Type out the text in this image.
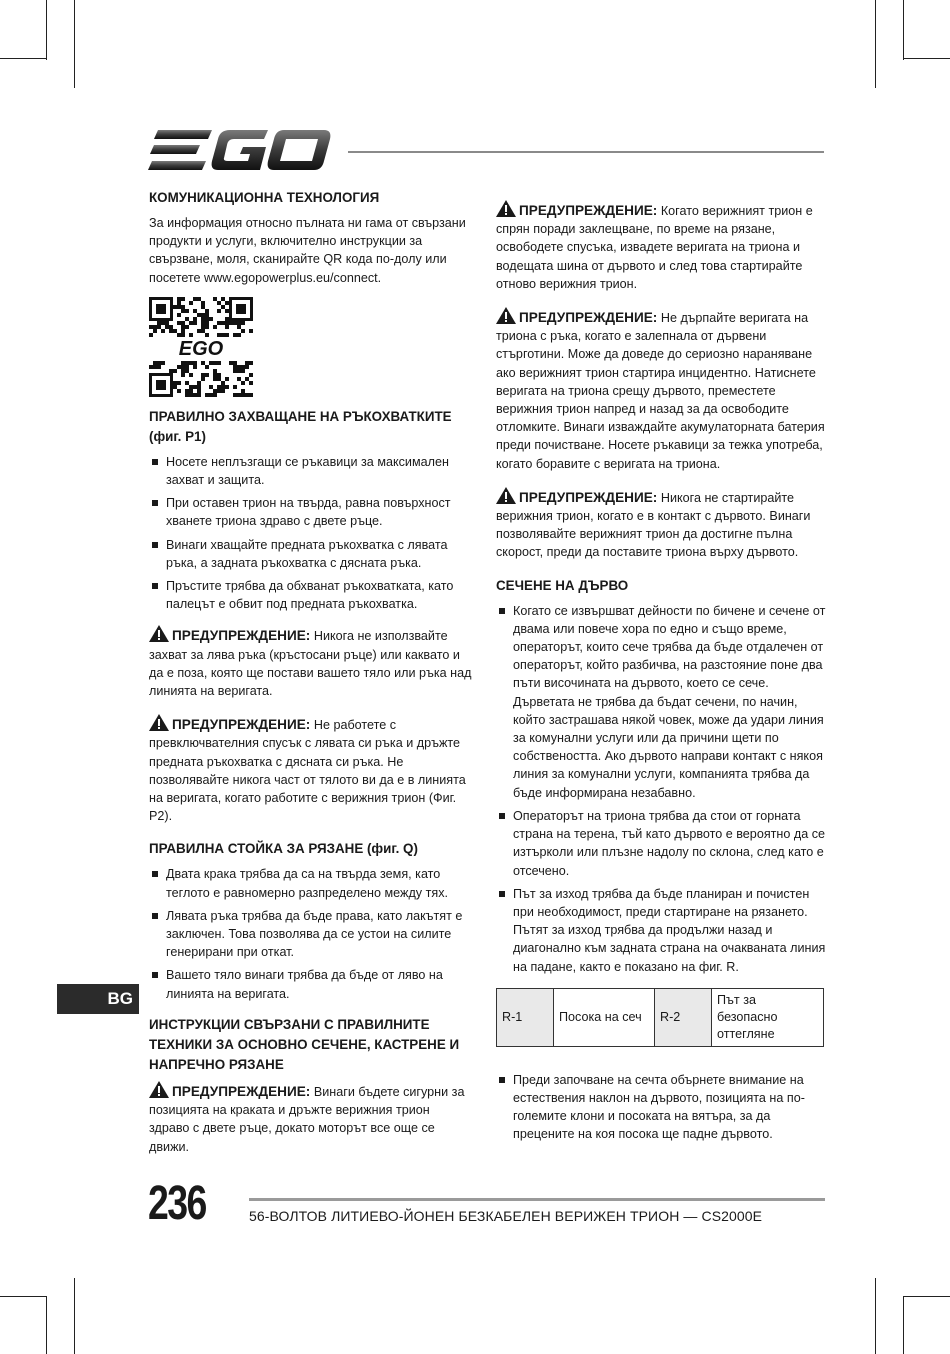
КОМУНИКАЦИОННА ТЕХНОЛОГИЯ
За информация относно пълната ни гама от свързани продукти и услуги, включително инструкции за свързване, моля, сканирайте QR кода по-долу или посетете www.egopowerplus.eu/connect.
EGO
ПРАВИЛНО ЗАХВАЩАНЕ НА РЪКОХВАТКИТЕ (фиг. P1)
Носете неплъзгащи се ръкавици за максимален захват и защита.
При оставен трион на твърда, равна повърхност хванете триона здраво с двете ръце.
Винаги хващайте предната ръкохватка с лявата ръка, а задната ръкохватка с дясната ръка.
Пръстите трябва да обхванат ръкохватката, като палецът е обвит под предната ръкохватка.
ПРЕДУПРЕЖДЕНИЕ: Никога не използвайте захват за лява ръка (кръстосани ръце) или каквато и да е поза, която ще постави вашето тяло или ръка над линията на веригата.
ПРЕДУПРЕЖДЕНИЕ: Не работете с превключвателния спусък с лявата си ръка и дръжте предната ръкохватка с дясната си ръка. Не позволявайте никога част от тялото ви да е в линията на веригата, когато работите с верижния трион (Фиг. P2).
ПРАВИЛНА СТОЙКА ЗА РЯЗАНЕ (фиг. Q)
Двата крака трябва да са на твърда земя, като теглото е равномерно разпределено между тях.
Лявата ръка трябва да бъде права, като лакътят е заключен. Това позволява да се устои на силите генерирани при откат.
Вашето тяло винаги трябва да бъде от ляво на линията на веригата.
ИНСТРУКЦИИ СВЪРЗАНИ С ПРАВИЛНИТЕ ТЕХНИКИ ЗА ОСНОВНО СЕЧЕНЕ, КАСТРЕНЕ И НАПРЕЧНО РЯЗАНЕ
ПРЕДУПРЕЖДЕНИЕ: Винаги бъдете сигурни за позицията на краката и дръжте верижния трион здраво с двете ръце, докато моторът все още се движи.
ПРЕДУПРЕЖДЕНИЕ: Когато верижният трион е спрян поради заклещване, по време на рязане, освободете спусъка, извадете веригата на триона и водещата шина от дървото и след това стартирайте отново верижния трион.
ПРЕДУПРЕЖДЕНИЕ: Не дърпайте веригата на триона с ръка, когато е залепнала от дървени стърготини. Може да доведе до сериозно нараняване ако верижният трион стартира инцидентно. Натиснете веригата на триона срещу дървото, преместете верижния трион напред и назад за да освободите отломките. Винаги изваждайте акумулаторната батерия преди почистване. Носете ръкавици за тежка употреба, когато боравите с веригата на триона.
ПРЕДУПРЕЖДЕНИЕ: Никога не стартирайте верижния трион, когато е в контакт с дървото. Винаги позволявайте верижният трион да достигне пълна скорост, преди да поставите триона върху дървото.
СЕЧЕНЕ НА ДЪРВО
Когато се извършват дейности по бичене и сечене от двама или повече хора по едно и също време, операторът, които сече трябва да бъде отдалечен от операторът, който разбичва, на разстояние поне два пъти височината на дървото, което се сече. Дърветата не трябва да бъдат сечени, по начин, който застрашава някой човек, може да удари линия за комунални услуги или да причини щети по собствеността. Ако дървото направи контакт с някоя линия за комунални услуги, компанията трябва да бъде информирана незабавно.
Операторът на триона трябва да стои от горната страна на терена, тъй като дървото е вероятно да се изтъркoли или плъзне надолу по склона, след като е отсечено.
Път за изход трябва да бъде планиран и почистен при необходимост, преди стартиране на рязането. Пътят за изход трябва да продължи назад и диагонално към задната страна на очакваната линия на падане, както е показано на фиг. R.
R-1	Посока на сеч	R-2	Път за безопасно оттегляне
Преди започване на сечта обърнете внимание на естествения наклон на дървото, позицията на по-големите клони и посоката на вятъра, за да прецените на коя посока ще падне дървото.
BG
236	56-ВОЛТОВ ЛИТИЕВО-ЙОНЕН БЕЗКАБЕЛЕН ВЕРИЖЕН ТРИОН — CS2000E
